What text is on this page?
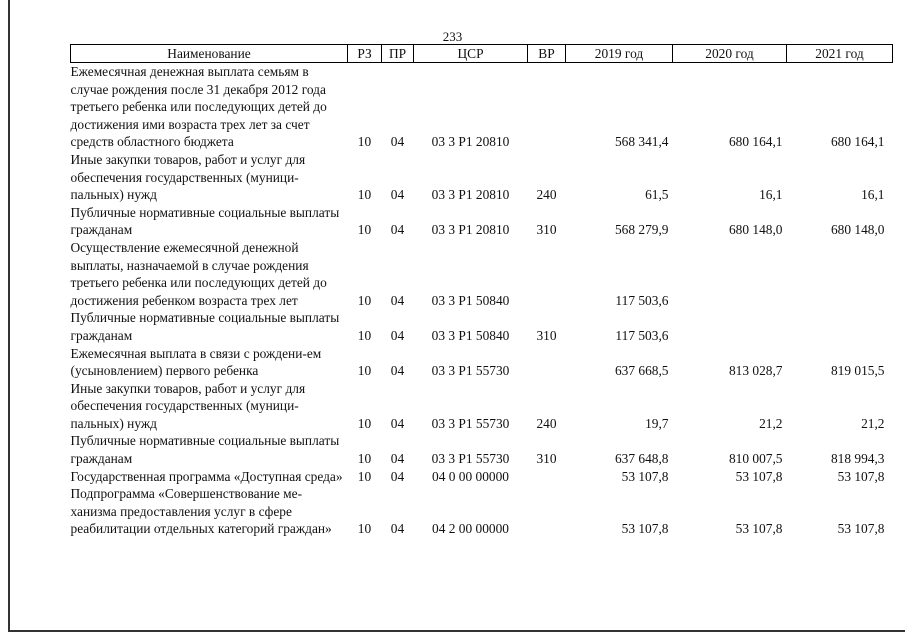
233
Наименование	РЗ	ПР	ЦСР	ВР	2019 год	2020 год	2021 год
Ежемесячная денежная выплата семьям в случае рождения после 31 декабря 2012 года третьего ребенка или последующих детей до достижения ими возраста трех лет за счет средств областного бюджета	10	04	03 3 P1 20810		568 341,4	680 164,1	680 164,1
Иные закупки товаров, работ и услуг для обеспечения государственных (муници-пальных) нужд	10	04	03 3 P1 20810	240	61,5	16,1	16,1
Публичные нормативные социальные выплаты гражданам	10	04	03 3 P1 20810	310	568 279,9	680 148,0	680 148,0
Осуществление ежемесячной денежной выплаты, назначаемой в случае рождения третьего ребенка или последующих детей до достижения ребенком возраста трех лет	10	04	03 3 P1 50840		117 503,6		
Публичные нормативные социальные выплаты гражданам	10	04	03 3 P1 50840	310	117 503,6		
Ежемесячная выплата в связи с рождени-ем (усыновлением) первого ребенка	10	04	03 3 P1 55730		637 668,5	813 028,7	819 015,5
Иные закупки товаров, работ и услуг для обеспечения государственных (муници-пальных) нужд	10	04	03 3 P1 55730	240	19,7	21,2	21,2
Публичные нормативные социальные выплаты гражданам	10	04	03 3 P1 55730	310	637 648,8	810 007,5	818 994,3
Государственная программа «Доступная среда»	10	04	04 0 00 00000		53 107,8	53 107,8	53 107,8
Подпрограмма «Совершенствование ме-ханизма предоставления услуг в сфере реабилитации отдельных категорий граждан»	10	04	04 2 00 00000		53 107,8	53 107,8	53 107,8
